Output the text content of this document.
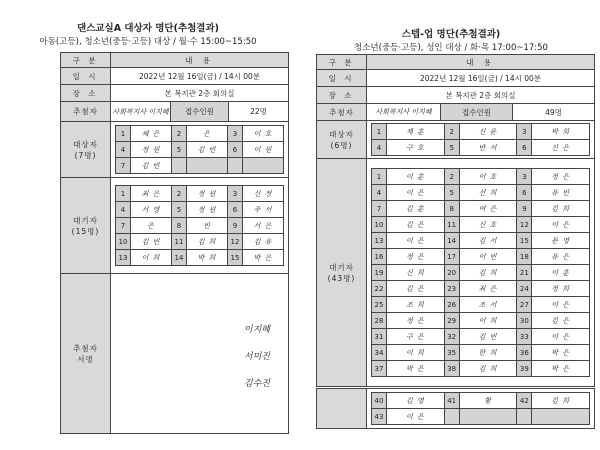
댄스교실A 대상자 명단(추첨결과)
아동(고등), 청소년(중등·고등) 대상 / 월·수 15:00~15:50
구 분	내 용
일 시	2022년 12월 16일(금) / 14시 00분
장 소	본 복지관 2층 회의실
추첨자	사회복지사 이지혜	접수인원	22명
대상자
(7명)	
1	채 은	2	은	3	이 호
4	정 원	5	김 빈	6	이 원
7	김 빈				

대기자
(15명)	
1	최 은	2	정 원	3	신 정
4	서 영	5	정 원	6	주 서
7	은	8	빈	9	서 은
10	김 빈	11	김 희	12	김 유
13	이 희	14	박 희	15	박 은

추첨자
서명	
이지혜
서미진
김수진
스텝-업 명단(추첨결과)
청소년(중등·고등), 성인 대상 / 화·목 17:00~17:50
구 분	내 용
일 시	2022년 12월 16일(금) / 14시 00분
장 소	본 복지관 2층 회의실
추첨자	사회복지사 이지혜	접수인원	49명
대상자
(6명)	
1	재 훈	2	신 윤	3	박 희
4	구 호	5	반 서	6	신 은

대기자
(43명)	
1	이 훈	2	이 호	3	정 은
4	이 은	5	선 희	6	유 빈
7	김 훈	8	여 은	9	김 희
10	김 은	11	신 호	12	이 은
13	이 은	14	김 서	15	문 영
16	정 은	17	이 빈	18	유 은
19	신 희	20	김 희	21	이 훈
22	김 은	23	최 은	24	정 희
25	조 희	26	조 서	27	이 은
28	정 은	29	이 희	30	김 은
31	구 은	32	김 빈	33	이 은
34	이 희	35	한 희	36	박 은
37	박 은	38	김 희	39	박 은

40	김 영	41	황	42	김 희
43	이 은				
